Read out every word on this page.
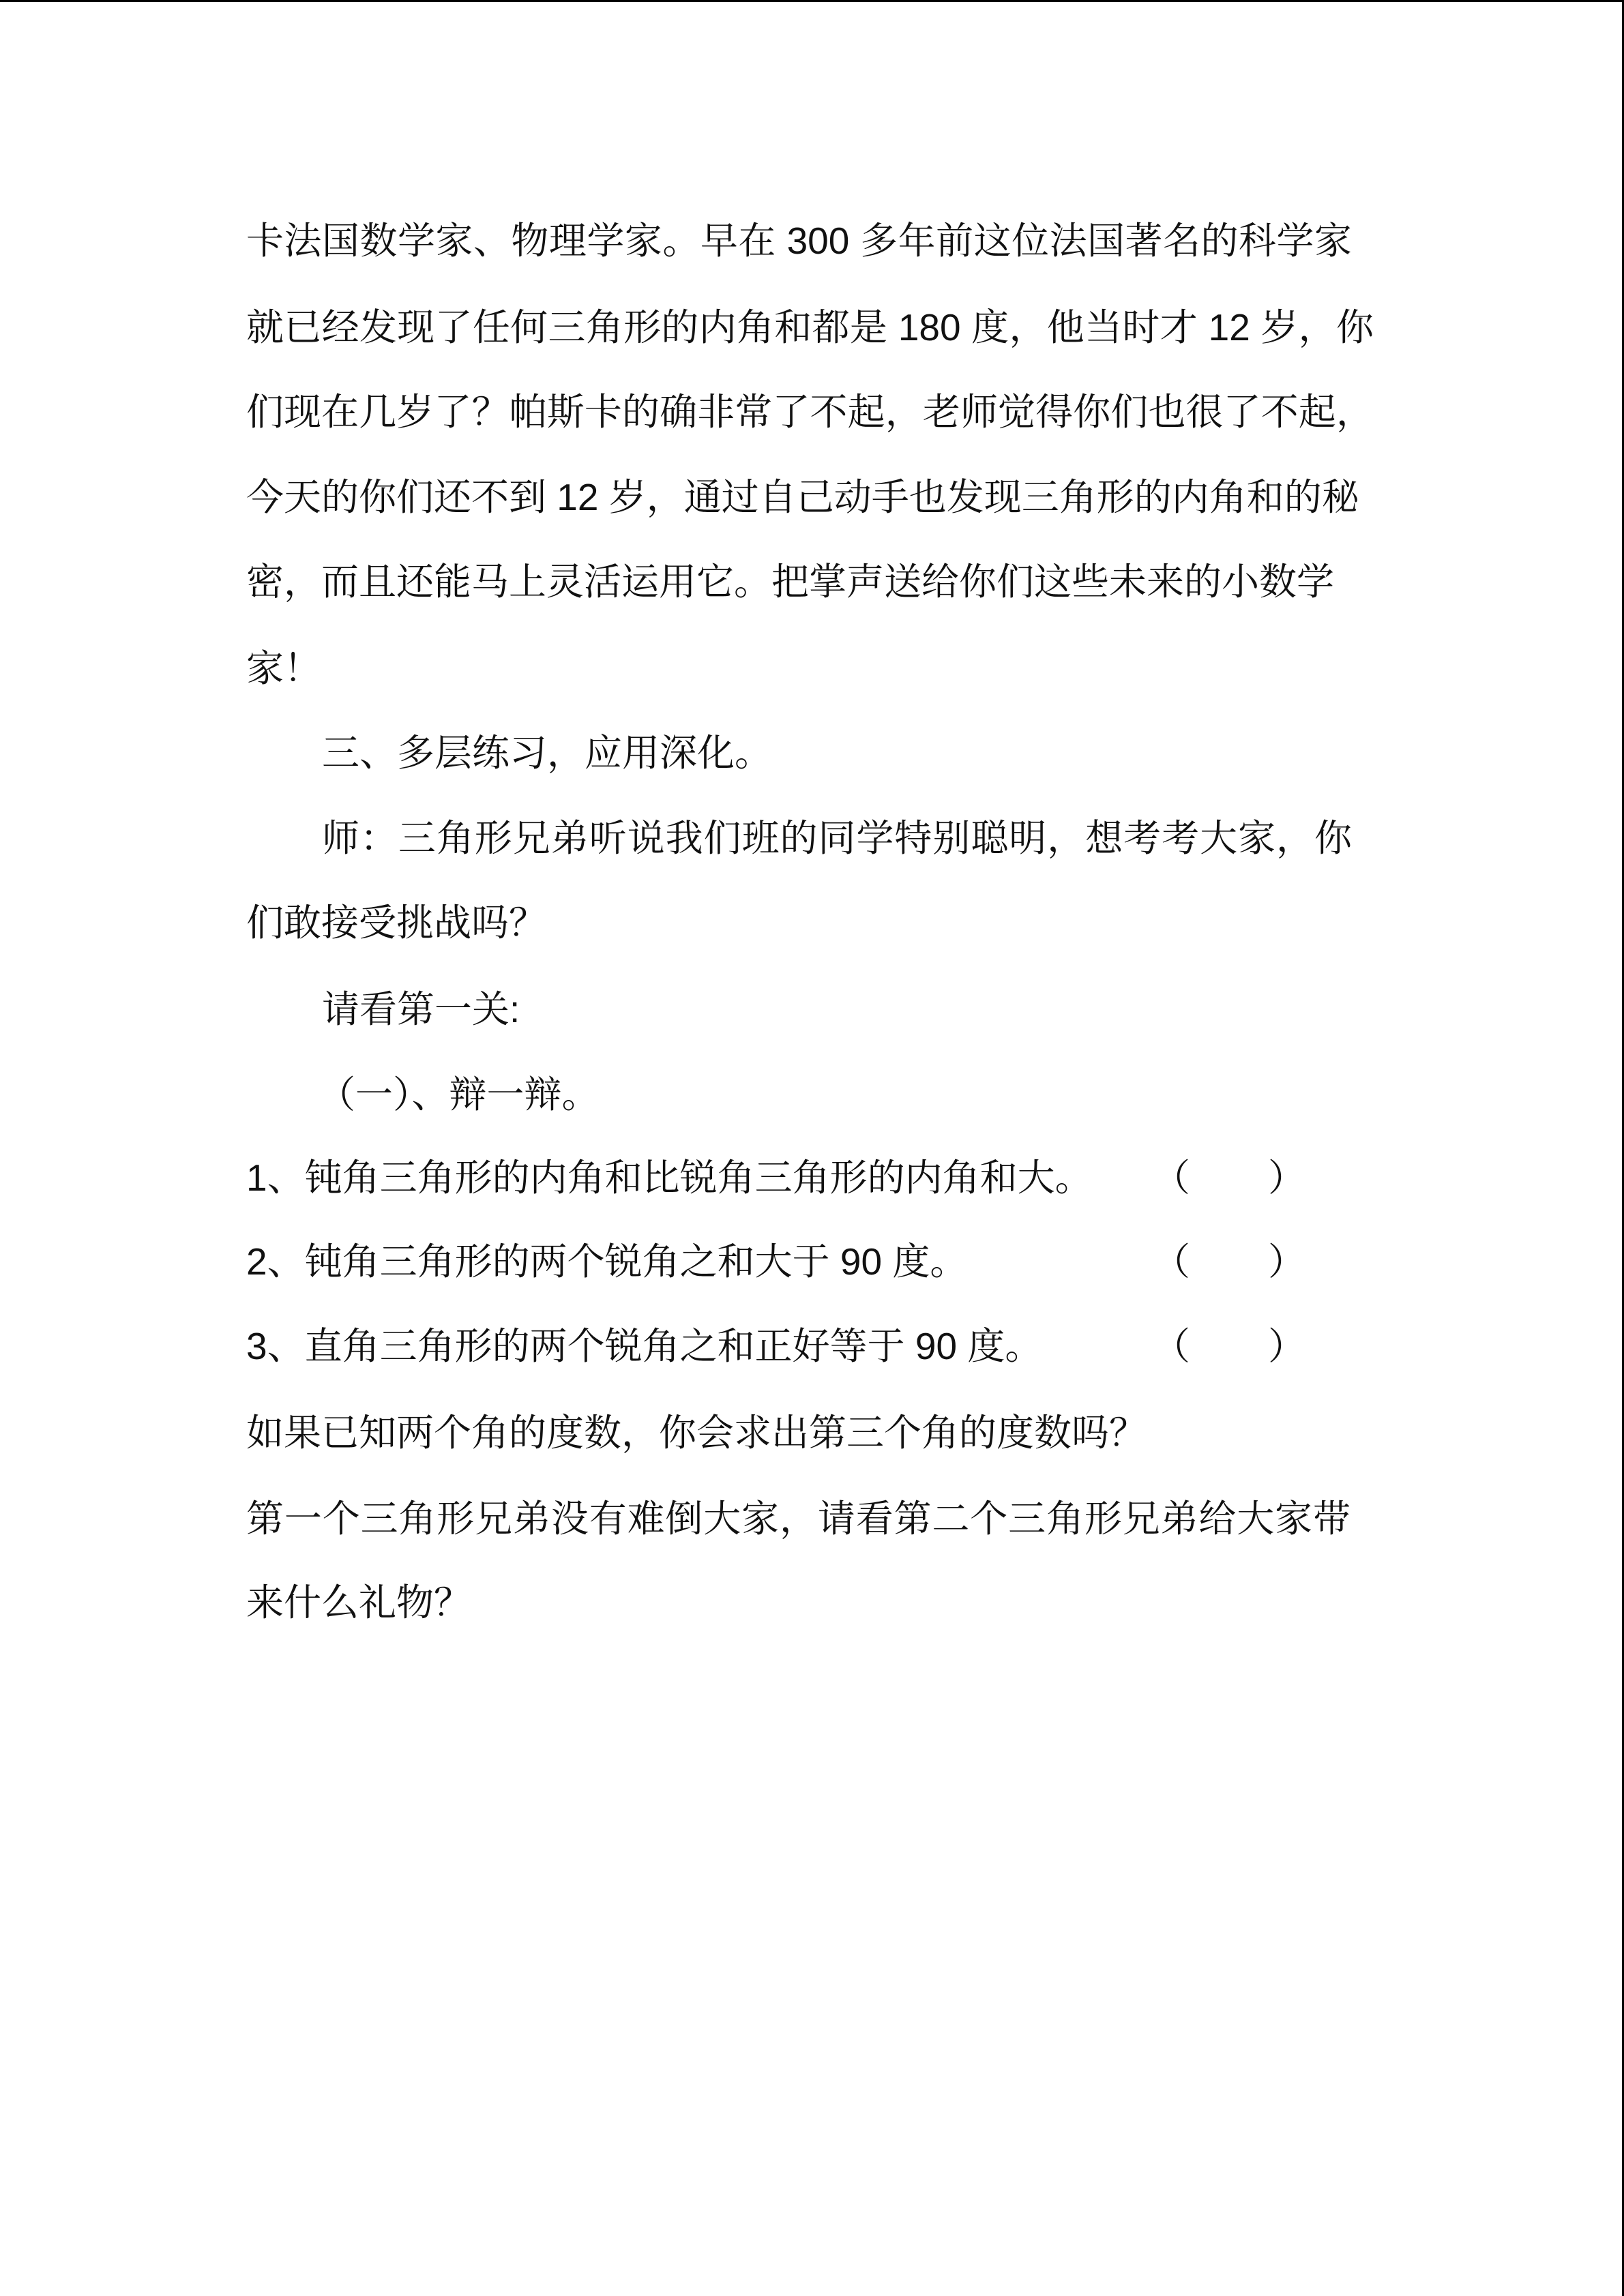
卡法国数学家、物理学家。早在 300 多年前这位法国著名的科学家
就已经发现了任何三角形的内角和都是 180 度，他当时才 12 岁，你
们现在几岁了？帕斯卡的确非常了不起，老师觉得你们也很了不起，
今天的你们还不到 12 岁，通过自己动手也发现三角形的内角和的秘
密，而且还能马上灵活运用它。把掌声送给你们这些未来的小数学
家！
三、多层练习，应用深化。
师：三角形兄弟听说我们班的同学特别聪明，想考考大家，你
们敢接受挑战吗？
请看第一关:
（一）、辩一辩。
1、钝角三角形的内角和比锐角三角形的内角和大。 （ ）
2、钝角三角形的两个锐角之和大于 90 度。	（ ）
3、直角三角形的两个锐角之和正好等于 90 度。	（ ）
如果已知两个角的度数，你会求出第三个角的度数吗？
第一个三角形兄弟没有难倒大家，请看第二个三角形兄弟给大家带
来什么礼物？
